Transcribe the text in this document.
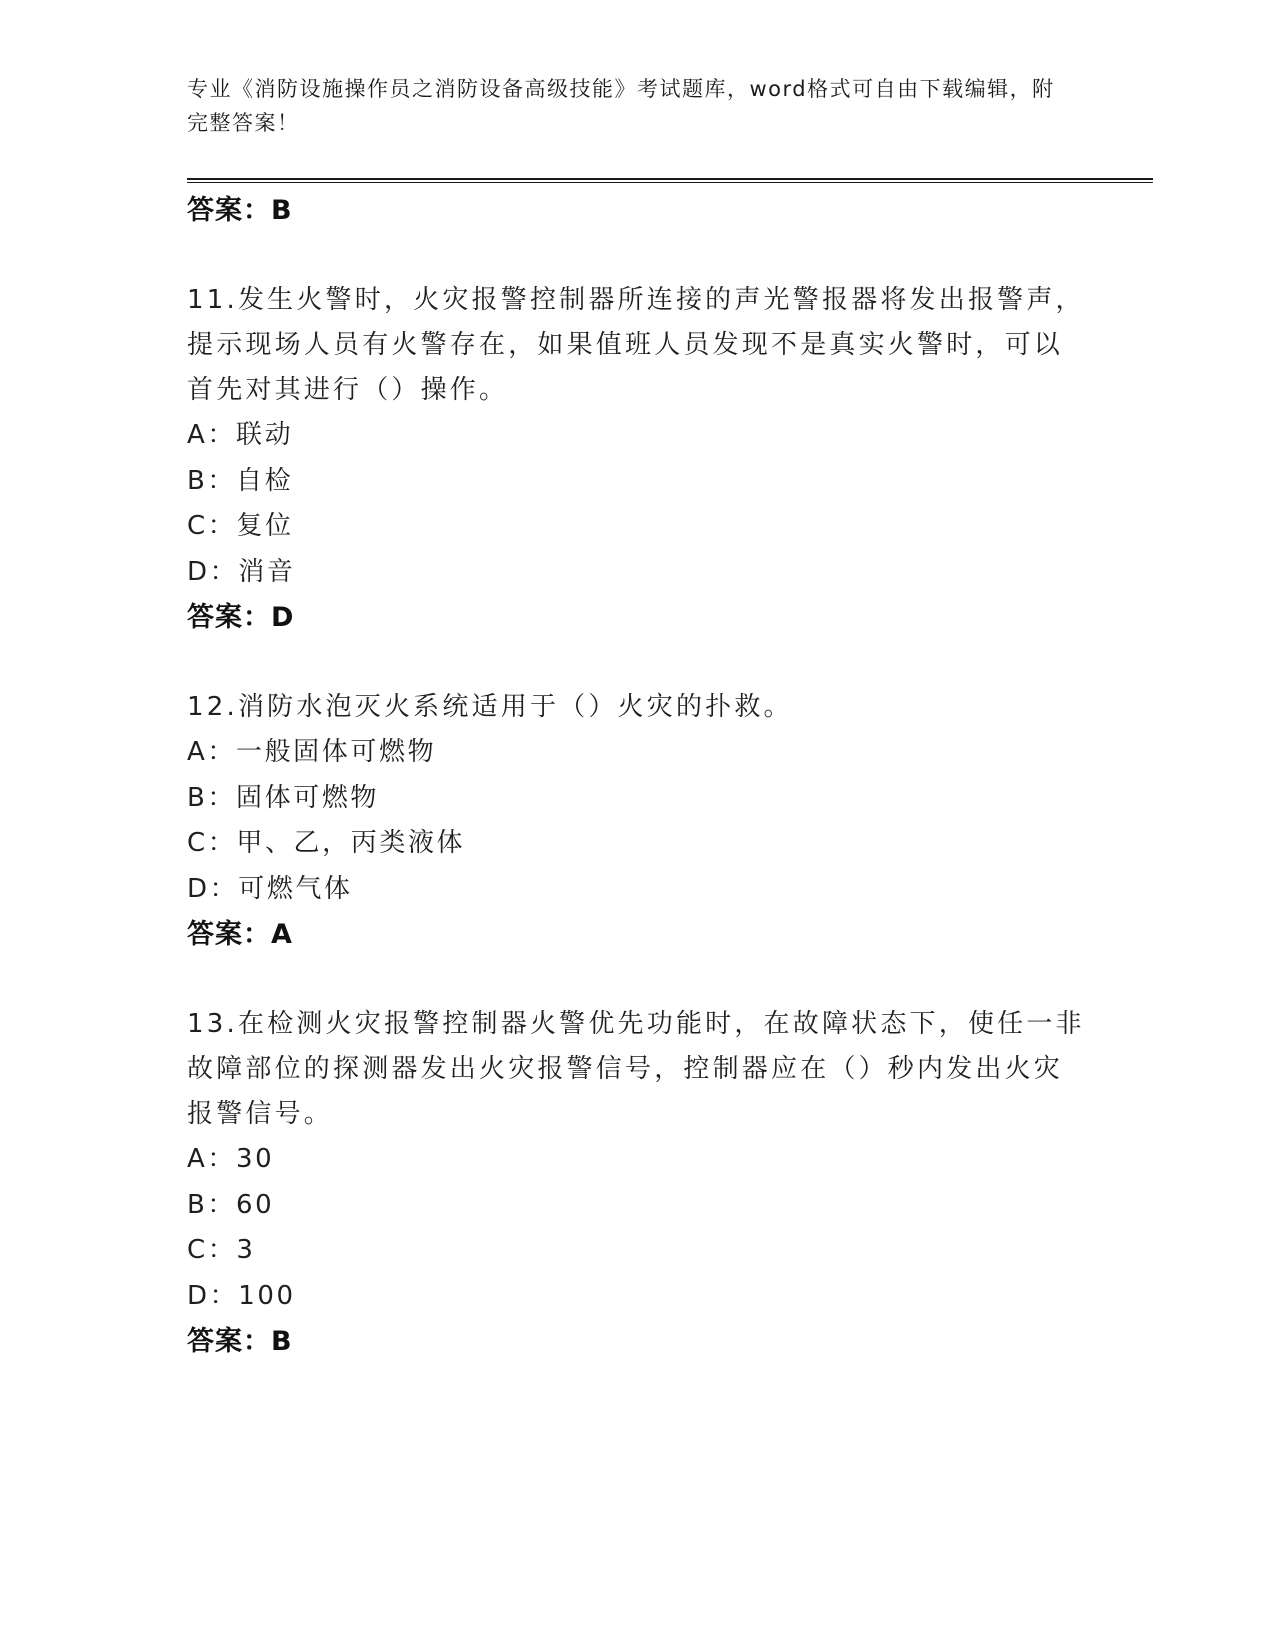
专业《消防设施操作员之消防设备高级技能》考试题库，word格式可自由下载编辑，附完整答案！
答案：B
11.发生火警时，火灾报警控制器所连接的声光警报器将发出报警声，提示现场人员有火警存在，如果值班人员发现不是真实火警时，可以首先对其进行（）操作。
A：联动
B：自检
C：复位
D：消音
答案：D
12.消防水泡灭火系统适用于（）火灾的扑救。
A：一般固体可燃物
B：固体可燃物
C：甲、乙，丙类液体
D：可燃气体
答案：A
13.在检测火灾报警控制器火警优先功能时，在故障状态下，使任一非故障部位的探测器发出火灾报警信号，控制器应在（）秒内发出火灾报警信号。
A：30
B：60
C：3
D：100
答案：B
